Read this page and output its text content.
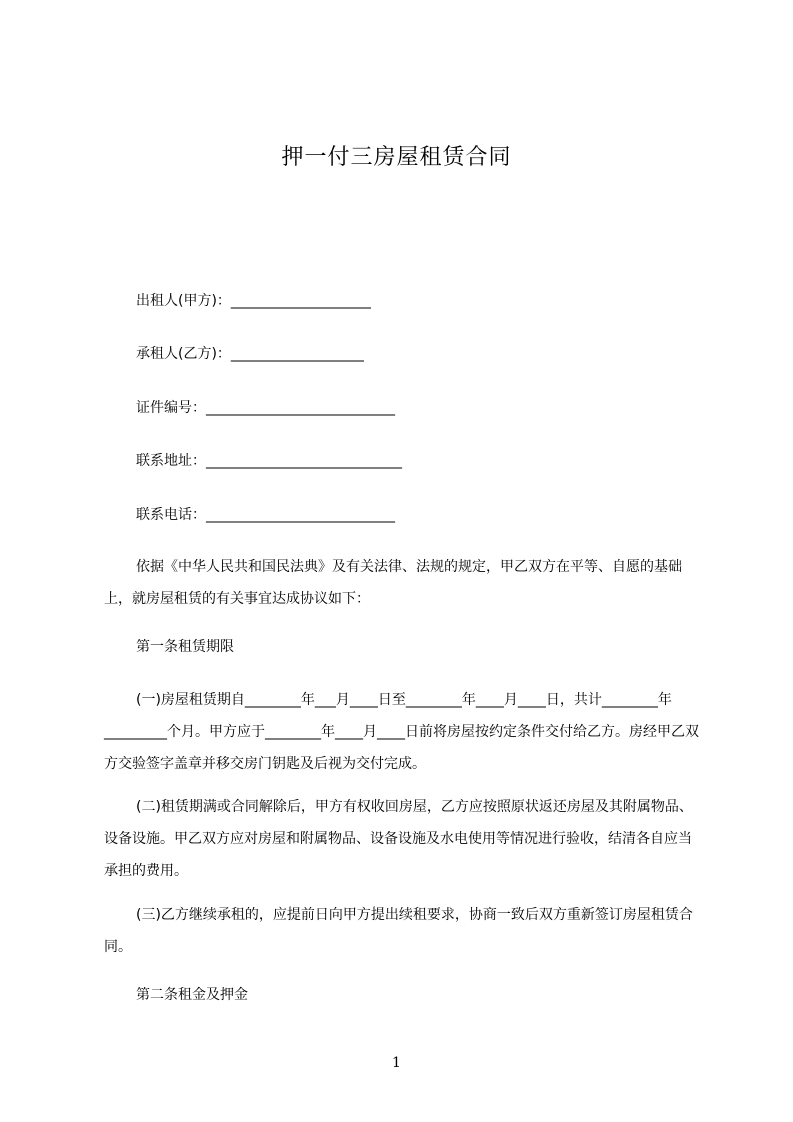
押一付三房屋租赁合同
出租人(甲方)：____________________
承租人(乙方)：___________________
证件编号：___________________________
联系地址：____________________________
联系电话：___________________________
依据《中华人民共和国民法典》及有关法律、法规的规定，甲乙双方在平等、自愿的基础上，就房屋租赁的有关事宜达成协议如下：
第一条租赁期限
(一)房屋租赁期自________年___月____日至________年____月____日，共计________年_________个月。甲方应于________年____月____日前将房屋按约定条件交付给乙方。房经甲乙双方交验签字盖章并移交房门钥匙及后视为交付完成。
(二)租赁期满或合同解除后，甲方有权收回房屋，乙方应按照原状返还房屋及其附属物品、设备设施。甲乙双方应对房屋和附属物品、设备设施及水电使用等情况进行验收，结清各自应当承担的费用。
(三)乙方继续承租的，应提前日向甲方提出续租要求，协商一致后双方重新签订房屋租赁合同。
第二条租金及押金
1
